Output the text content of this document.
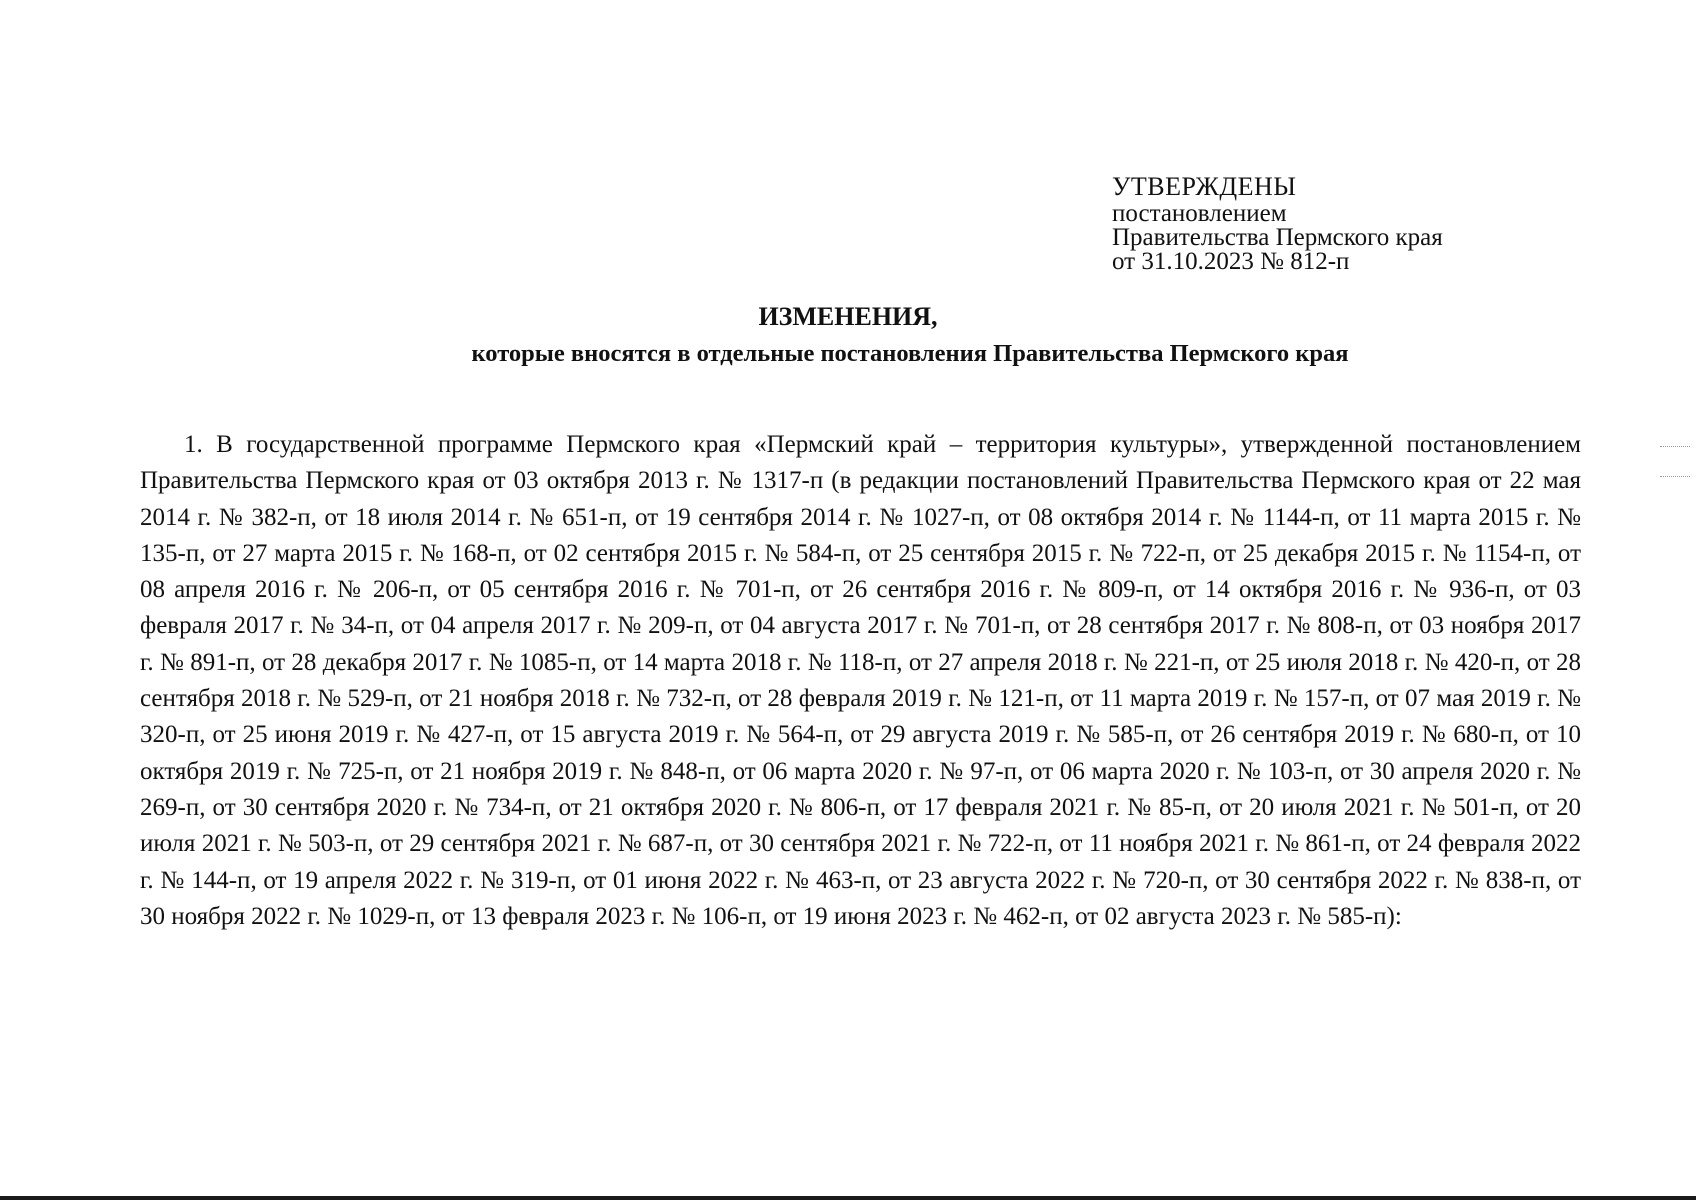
УТВЕРЖДЕНЫ
постановлением
Правительства Пермского края
от 31.10.2023 № 812-п
ИЗМЕНЕНИЯ,
которые вносятся в отдельные постановления Правительства Пермского края

1. В государственной программе Пермского края «Пермский край – территория культуры», утвержденной постановлением Правительства Пермского края от 03 октября 2013 г. № 1317-п (в редакции постановлений Правительства Пермского края от 22 мая 2014 г. № 382-п, от 18 июля 2014 г. № 651-п, от 19 сентября 2014 г. № 1027-п, от 08 октября 2014 г. № 1144-п, от 11 марта 2015 г. № 135-п, от 27 марта 2015 г. № 168-п, от 02 сентября 2015 г. № 584-п, от 25 сентября 2015 г. № 722-п, от 25 декабря 2015 г. № 1154-п, от 08 апреля 2016 г. № 206-п, от 05 сентября 2016 г. № 701-п, от 26 сентября 2016 г. № 809-п, от 14 октября 2016 г. № 936-п, от 03 февраля 2017 г. № 34-п, от 04 апреля 2017 г. № 209-п, от 04 августа 2017 г. № 701-п, от 28 сентября 2017 г. № 808-п, от 03 ноября 2017 г. № 891-п, от 28 декабря 2017 г. № 1085-п, от 14 марта 2018 г. № 118-п, от 27 апреля 2018 г. № 221-п, от 25 июля 2018 г. № 420-п, от 28 сентября 2018 г. № 529-п, от 21 ноября 2018 г. № 732-п, от 28 февраля 2019 г. № 121-п, от 11 марта 2019 г. № 157-п, от 07 мая 2019 г. № 320-п, от 25 июня 2019 г. № 427-п, от 15 августа 2019 г. № 564-п, от 29 августа 2019 г. № 585-п, от 26 сентября 2019 г. № 680-п, от 10 октября 2019 г. № 725-п, от 21 ноября 2019 г. № 848-п, от 06 марта 2020 г. № 97-п, от 06 марта 2020 г. № 103-п, от 30 апреля 2020 г. № 269-п, от 30 сентября 2020 г. № 734-п, от 21 октября 2020 г. № 806-п, от 17 февраля 2021 г. № 85-п, от 20 июля 2021 г. № 501-п, от 20 июля 2021 г. № 503-п, от 29 сентября 2021 г. № 687-п, от 30 сентября 2021 г. № 722-п, от 11 ноября 2021 г. № 861-п, от 24 февраля 2022 г. № 144-п, от 19 апреля 2022 г. № 319-п, от 01 июня 2022 г. № 463-п, от 23 августа 2022 г. № 720-п, от 30 сентября 2022 г. № 838-п, от 30 ноября 2022 г. № 1029-п, от 13 февраля 2023 г. № 106-п, от 19 июня 2023 г. № 462-п, от 02 августа 2023 г. № 585-п):
